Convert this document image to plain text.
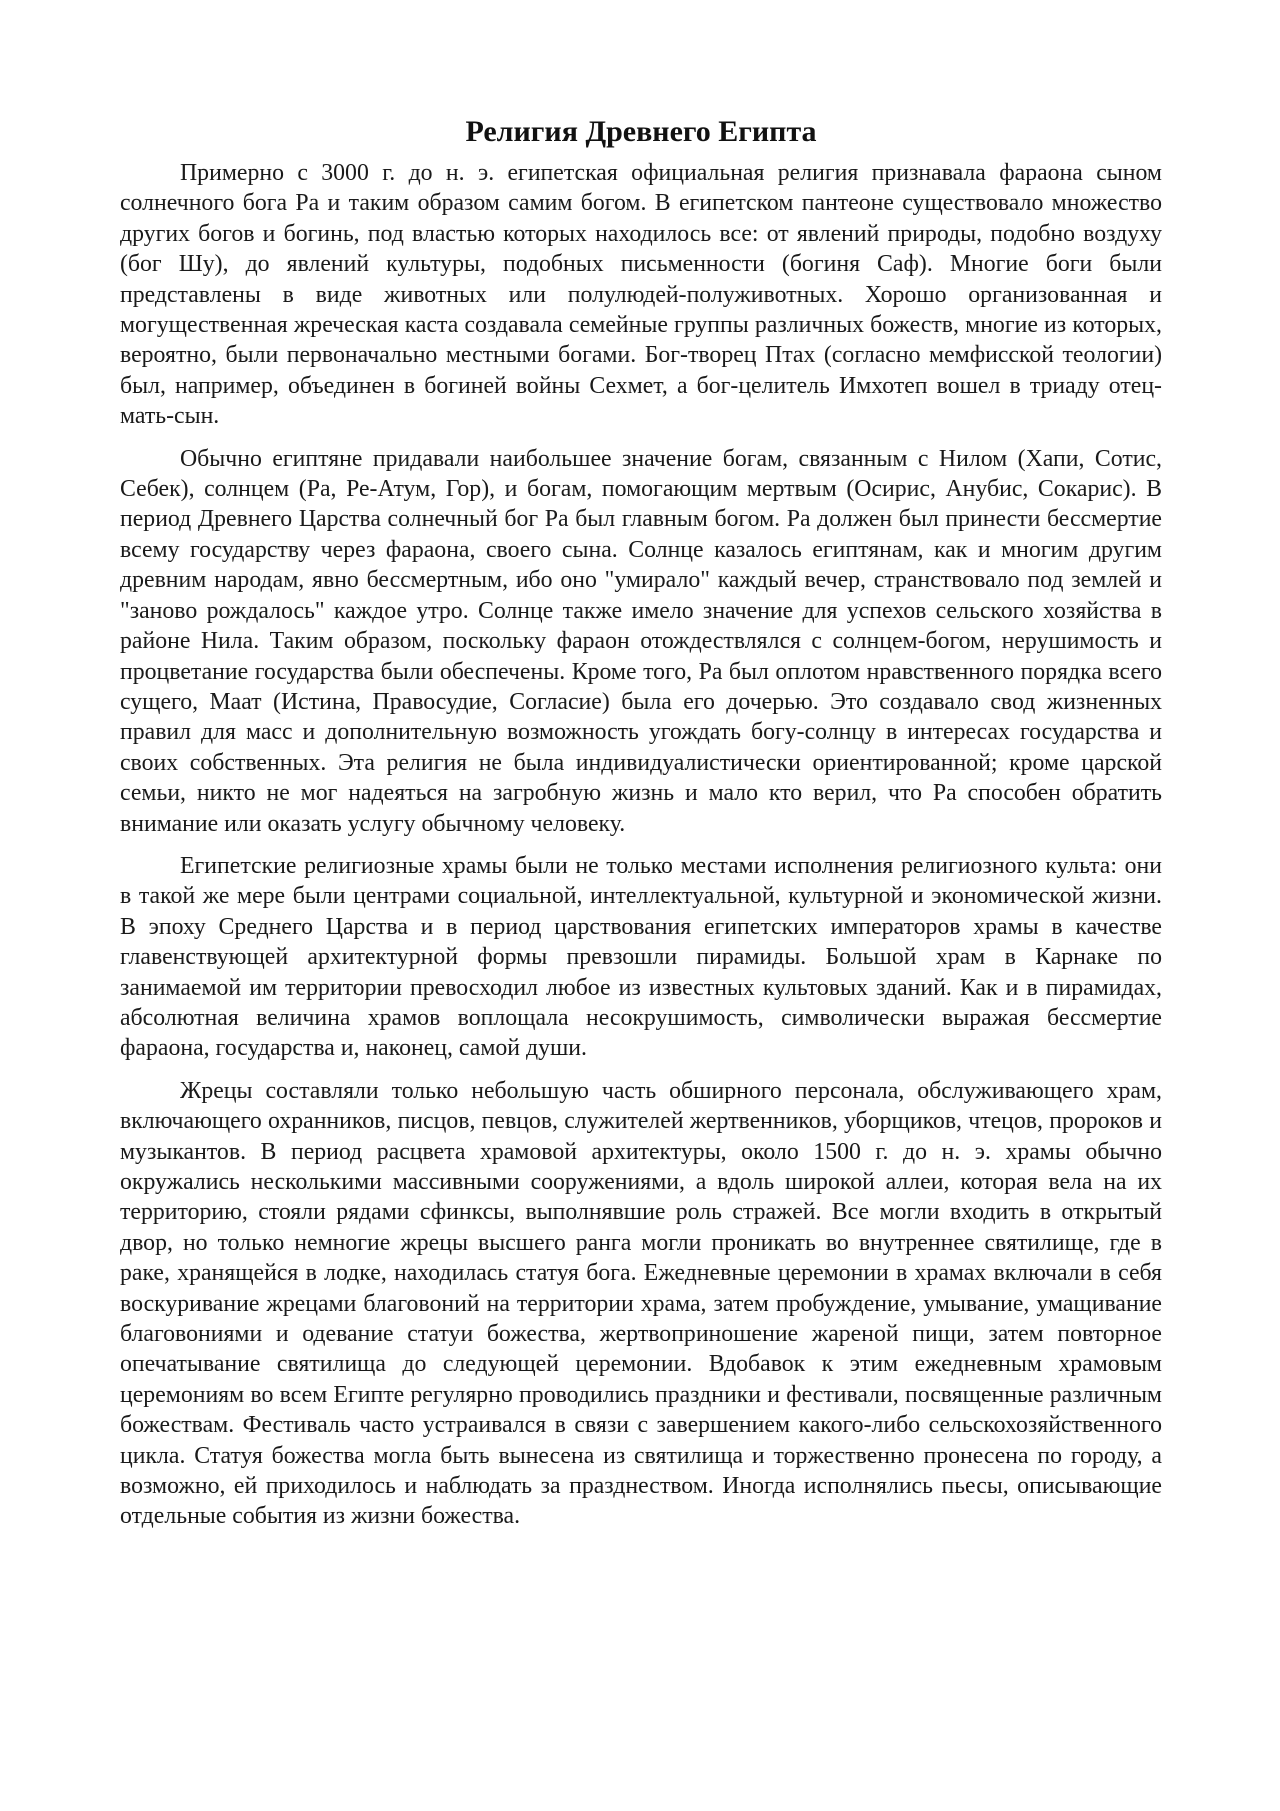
Религия Древнего Египта

Примерно с 3000 г. до н. э. египетская официальная религия признавала фараона сыном солнечного бога Ра и таким образом самим богом. В египетском пантеоне существовало множество других богов и богинь, под властью которых находилось все: от явлений природы, подобно воздуху (бог Шу), до явлений культуры, подобных письменности (богиня Саф). Многие боги были представлены в виде животных или полулюдей-полуживотных. Хорошо организованная и могущественная жреческая каста создавала семейные группы различных божеств, многие из которых, вероятно, были первоначально местными богами. Бог-творец Птах (согласно мемфисской теологии) был, например, объединен в богиней войны Сехмет, а бог-целитель Имхотеп вошел в триаду отец-мать-сын.

Обычно египтяне придавали наибольшее значение богам, связанным с Нилом (Хапи, Сотис, Себек), солнцем (Ра, Ре-Атум, Гор), и богам, помогающим мертвым (Осирис, Анубис, Сокарис). В период Древнего Царства солнечный бог Ра был главным богом. Ра должен был принести бессмертие всему государству через фараона, своего сына. Солнце казалось египтянам, как и многим другим древним народам, явно бессмертным, ибо оно "умирало" каждый вечер, странствовало под землей и "заново рождалось" каждое утро. Солнце также имело значение для успехов сельского хозяйства в районе Нила. Таким образом, поскольку фараон отождествлялся с солнцем-богом, нерушимость и процветание государства были обеспечены. Кроме того, Ра был оплотом нравственного порядка всего сущего, Маат (Истина, Правосудие, Согласие) была его дочерью. Это создавало свод жизненных правил для масс и дополнительную возможность угождать богу-солнцу в интересах государства и своих собственных. Эта религия не была индивидуалистически ориентированной; кроме царской семьи, никто не мог надеяться на загробную жизнь и мало кто верил, что Ра способен обратить внимание или оказать услугу обычному человеку.

Египетские религиозные храмы были не только местами исполнения религиозного культа: они в такой же мере были центрами социальной, интеллектуальной, культурной и экономической жизни. В эпоху Среднего Царства и в период царствования египетских императоров храмы в качестве главенствующей архитектурной формы превзошли пирамиды. Большой храм в Карнаке по занимаемой им территории превосходил любое из известных культовых зданий. Как и в пирамидах, абсолютная величина храмов воплощала несокрушимость, символически выражая бессмертие фараона, государства и, наконец, самой души.

Жрецы составляли только небольшую часть обширного персонала, обслуживающего храм, включающего охранников, писцов, певцов, служителей жертвенников, уборщиков, чтецов, пророков и музыкантов. В период расцвета храмовой архитектуры, около 1500 г. до н. э. храмы обычно окружались несколькими массивными сооружениями, а вдоль широкой аллеи, которая вела на их территорию, стояли рядами сфинксы, выполнявшие роль стражей. Все могли входить в открытый двор, но только немногие жрецы высшего ранга могли проникать во внутреннее святилище, где в раке, хранящейся в лодке, находилась статуя бога. Ежедневные церемонии в храмах включали в себя воскуривание жрецами благовоний на территории храма, затем пробуждение, умывание, умащивание благовониями и одевание статуи божества, жертвоприношение жареной пищи, затем повторное опечатывание святилища до следующей церемонии. Вдобавок к этим ежедневным храмовым церемониям во всем Египте регулярно проводились праздники и фестивали, посвященные различным божествам. Фестиваль часто устраивался в связи с завершением какого-либо сельскохозяйственного цикла. Статуя божества могла быть вынесена из святилища и торжественно пронесена по городу, а возможно, ей приходилось и наблюдать за празднеством. Иногда исполнялись пьесы, описывающие отдельные события из жизни божества.
